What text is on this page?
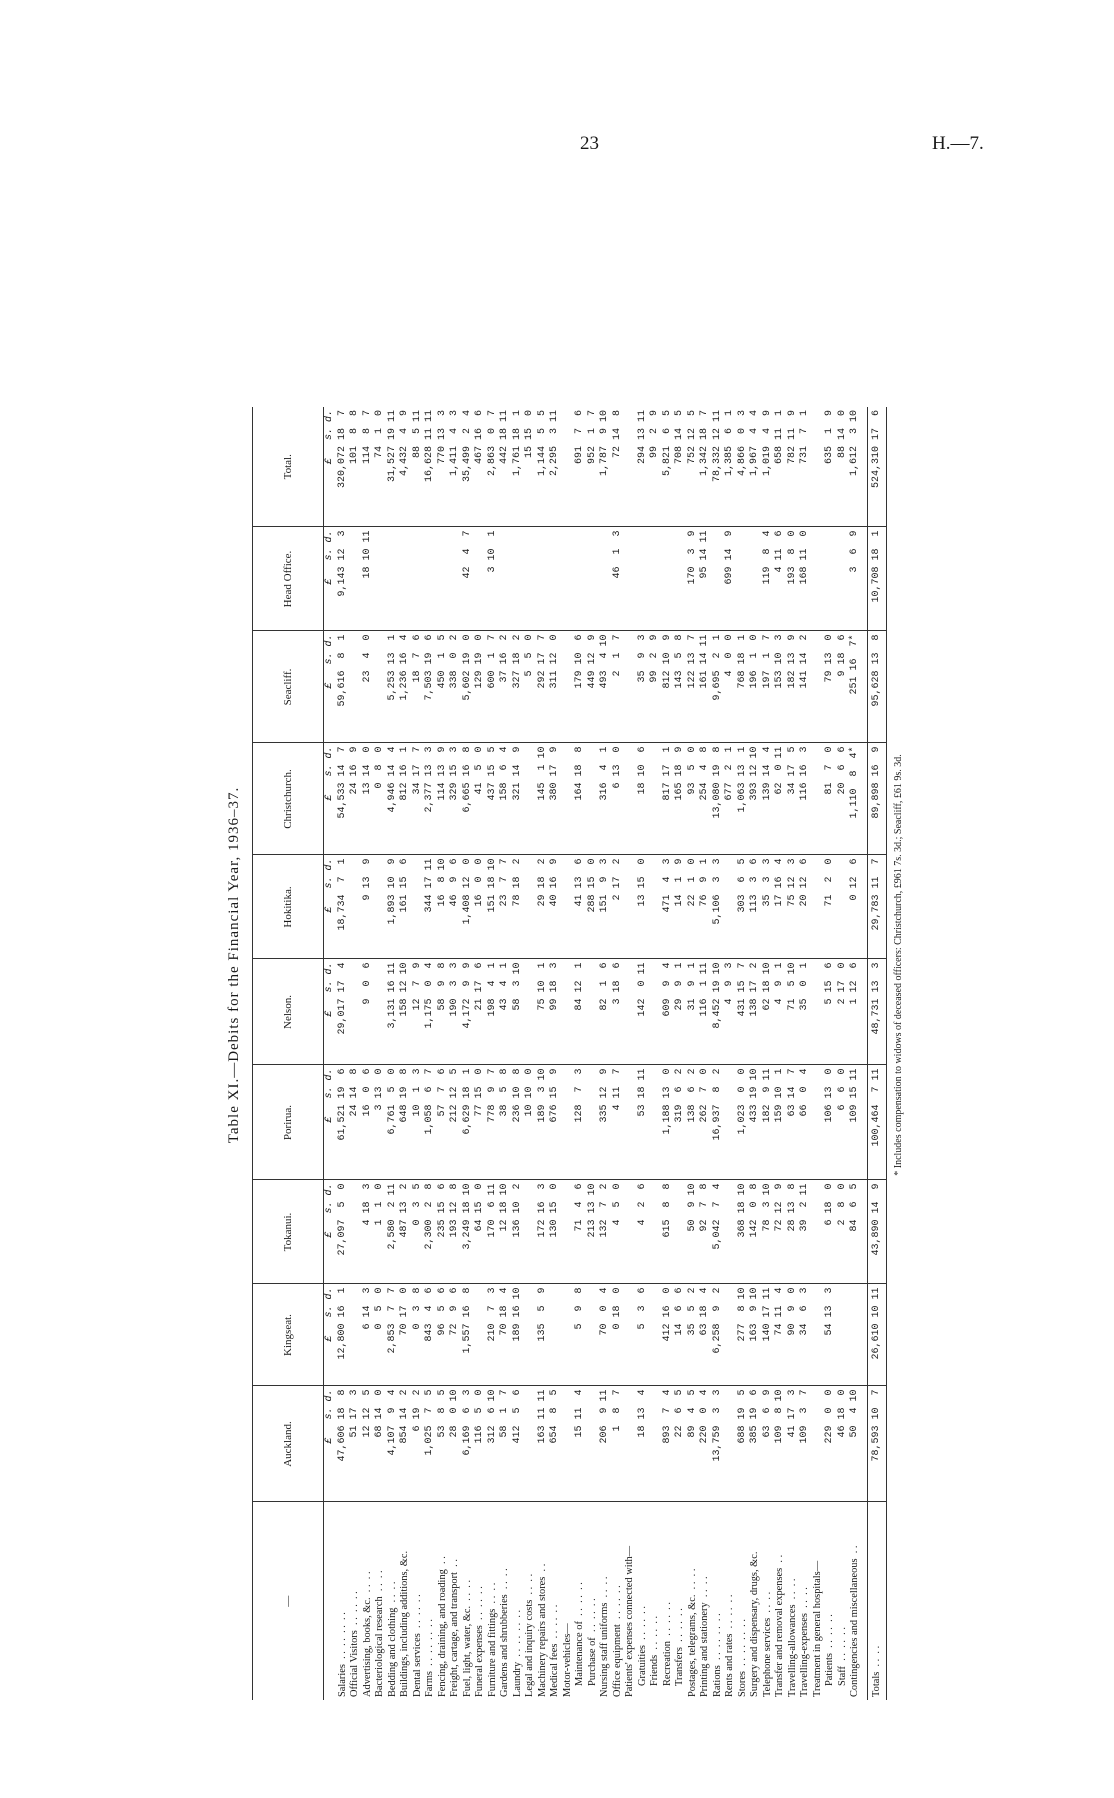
23	H.—7.
Table XI.—Debits for the Financial Year, 1936–37.
—	Auckland.	Kingseat.	Tokanui.	Porirua.	Nelson.	Hokitika.	Christchurch.	Seacliff.	Head Office.	Total.
	£   s. d.	£   s. d.	£   s. d.	£   s. d.	£   s. d.	£   s. d.	£   s. d.	£   s. d.	£   s. d.	£   s. d.
Salaries  . .  . .  . .  . .	47,606 18  8	12,800 16  1	27,097  5  0	61,521 19  6	29,017 17  4	18,734  7  1	54,533 14  7	59,616  8  1	9,143 12  3	320,072 18  7
Official Visitors  . .  . .  . .	51 17  3			24 14  8			24 16  9			101  8  8
Advertising, books, &c.  . .  . .	12 12  5	6 14  3	4 18  3	16  0  6	9  0  6	9 13  9	13 14  0	23  4  0	18 10 11	114  8  7
Bacteriological research  . .  . .	68 14  0	0  5  0	1  1  0	3 13  0			0  8  0			74  1  0
Bedding and clothing  . .  . .	4,107  9  4	2,853  7  7	2,580  2 11	6,761  5  0	3,131 16 11	1,893 10  9	4,946 14  4	5,253 13  1		31,527 19 11
Buildings, including additions, &c.	854 14  2	70 17  0	487 13  2	648 19  8	158 12 10	161 15  6	812 16  1	1,236 16  4		4,432  4  9
Dental services  . .  . .  . .	6 19  2	0  3  8	0  3  5	10  1  3	12  7  9		34 17  7	18  7  6		88  5 11
Farms  . .  . .  . .  . .	1,025  7  5	843  4  6	2,300  2  8	1,058  6  7	1,175  0  4	344 17 11	2,377 13  3	7,503 19  6		16,628 11 11
Fencing, draining, and roading  . .	53  8  5	96  5  6	235 15  6	57  7  6	58  9  8	16  8 10	114 13  9	450  1  5		770 13  3
Freight, cartage, and transport  . .	28  0 10	72  9  6	193 12  8	212 12  5	190  3  3	46  9  6	329 15  3	338  0  2		1,411  4  3
Fuel, light, water, &c.  . .  . .	6,169  6  3	1,557 16  8	3,249 18 10	6,629 18  1	4,172  9  9	1,408 12  0	6,665 16  8	5,602 19  0	42  4  7	35,499  2  4
Funeral expenses  . .  . .  . .	116  5  0		64 15  0	77 15  0	21 17  6	16  0  0	41  5  0	129 19  0		467 16  6
Furniture and fittings  . .  . .	312  6 10	210  7  3	170  6 11	778  9  7	198  4  1	151 18 10	437 15  5	600  1  7	3 10  1	2,863  0  7
Gardens and shrubberies  . .  . .	58  1  7	70 18  4	12 18 10	38  5  8	43  4  1	23  7  7	158  6  4	37 16  2		442 18 11
Laundry  . .  . .  . .  . .	412  5  6	189 16 10	136 10  2	236 10  8	58  3 10	78 18  2	321 14  9	327 18  2		1,761 18  1
Legal and inquiry costs  . .  . .				10 10  0				5  5  0		15 15  0
Machinery repairs and stores  . .	163 11 11	135  5  9	172 16  3	189  3 10	75 10  1	29 18  2	145  1 10	292 17  7		1,144  5  5
Medical fees  . .  . .  . .	654  8  5		130 15  0	676 15  9	99 18  3	40 16  9	380 17  9	311 12  0		2,295  3 11
Motor-vehicles—										
Maintenance of  . .  . .  . .	15 11  4	5  9  8	71  4  6	128  7  3	84 12  1	41 13  6	164 18  8	179 10  6		691  7  6
Purchase of  . .  . .  . .			213 13 10			288 15  0		449 12  9		952  1  7
Nursing staff uniforms  . .  . .	206  9 11	70  0  4	132  7  2	335 12  9	82  1  6	151  9  3	316  4  1	493  4 10		1,787  9 10
Office equipment  . .  . .  . .	1  8  7	0 18  0	4  5  0	4 11  7	3 18  6	2 17  2	6 13  0	2  1  7	46  1  3	72 14  8
Patients' expenses connected with—										
Gratuities  . .  . .  . .	18 13  4	5  3  6	4  2  6	53 18 11	142  0 11	13 15  0	18 10  6	35  9  3		294 13 11
Friends  . .  . .  . .								99  2  9		99  2  9
Recreation  . .  . .  . .	893  7  4	412 16  0	615  8  8	1,188 13  0	609  9  4	471  4  3	817 17  1	812 10  9		5,821  6  5
Transfers  . .  . .  . .	22  6  5	14  6  6		319  6  2	29  9  1	14  1  9	165 18  9	143  5  8		708 14  5
Postages, telegrams, &c.  . .  . .	89  4  5	35  5  2	50  9 10	138  6  2	31  9  1	22  1  0	93  5  0	122 13  7	170  3  9	752 12  5
Printing and stationery  . .  . .	220  0  4	63 18  4	92  7  8	262  7  0	116  1 11	76  9  1	254  4  8	161 14 11	95 14 11	1,342 18  7
Rations  . .  . .  . .  . .	13,759  3  3	6,258  9  2	5,042  7  4	16,937  8  2	8,452 19 10	5,106  3  3	13,080 19  8	9,695  2  1		78,332 12 11
Rents and rates  . .  . .  . .					4  9  3		677  2  1	4  0  0	699 14  9	1,385  6  1
Stores  . .  . .  . .  . .	688 19  5	277  8 10	368 18 10	1,023  0  0	431 15  7	303  6  5	1,063 13  1	768 18  1		4,866  0  3
Surgery and dispensary, drugs, &c.	385 19  6	163  9 10	142  0  8	433 19 10	138 17  2	113  3  6	393 12 10	196  1  0		1,967  4  4
Telephone services  . .  . .	63  6  9	140 17 11	78  3 10	182  9 11	62 18 10	35  3  3	139 14  4	197  1  7	119  8  4	1,019  4  9
Transfer and removal expenses  . .	109  8 10	74 11  4	72 12  9	159 10  1	4  9  1	17 16  4	62  0 11	153 10  3	4 11  6	658 11  1
Travelling-allowances  . .  . .	41 17  3	90  9  0	28 13  8	63 14  7	71  5 10	75 12  3	34 17  5	182 13  9	193  8  0	782 11  9
Travelling-expenses  . .  . .	109  3  7	34  6  3	39  2 11	66  0  4	35  0  1	20 12  6	116 16  3	141 14  2	168 11  0	731  7  1
Treatment in general hospitals—										
Patients  . .  . .  . .	229  0  0	54 13  3	6 18  0	106 13  0	5 15  6	71  2  0	81  7  0	79 13  0		635  1  9
Staff  . .  . .  . .	46 18  0		2  8  0	6  6  0	2 17  0		20  6  6	9 18  6		88 14  0
Contingencies and miscellaneous  . .	50  4 10		84  6  5	109 15 11	1 12  6	0 12  6	1,110  8  4*	251 16  7*	3  6  9	1,612  3 10

Totals  . .  . .	78,593 10  7	26,610 10 11	43,890 14  9	100,464  7 11	48,731 13  3	29,783 11  7	89,898 16  9	95,628 13  8	10,708 18  1	524,310 17  6
* Includes compensation to widows of deceased officers: Christchurch, £961 7s. 3d.; Seacliff, £61 9s. 3d.
